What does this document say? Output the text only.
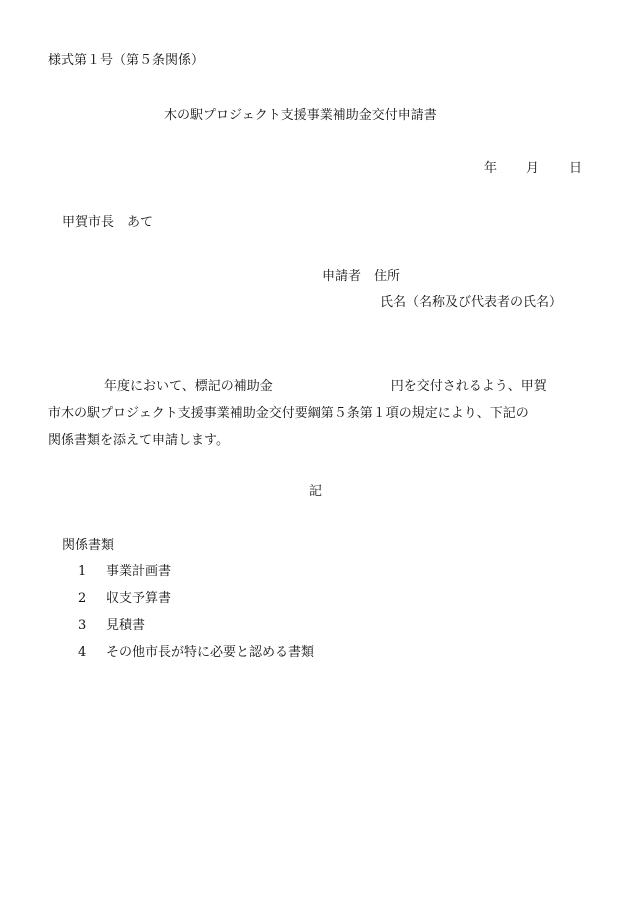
様式第１号（第５条関係）
木の駅プロジェクト支援事業補助金交付申請書
年 月 日
甲賀市長　あて
申請者　住所
氏名（名称及び代表者の氏名）
年度において、標記の補助金	円を交付されるよう、甲賀
市木の駅プロジェクト支援事業補助金交付要綱第５条第１項の規定により、下記の
関係書類を添えて申請します。
記
関係書類
1 事業計画書
2 収支予算書
3 見積書
4 その他市長が特に必要と認める書類
